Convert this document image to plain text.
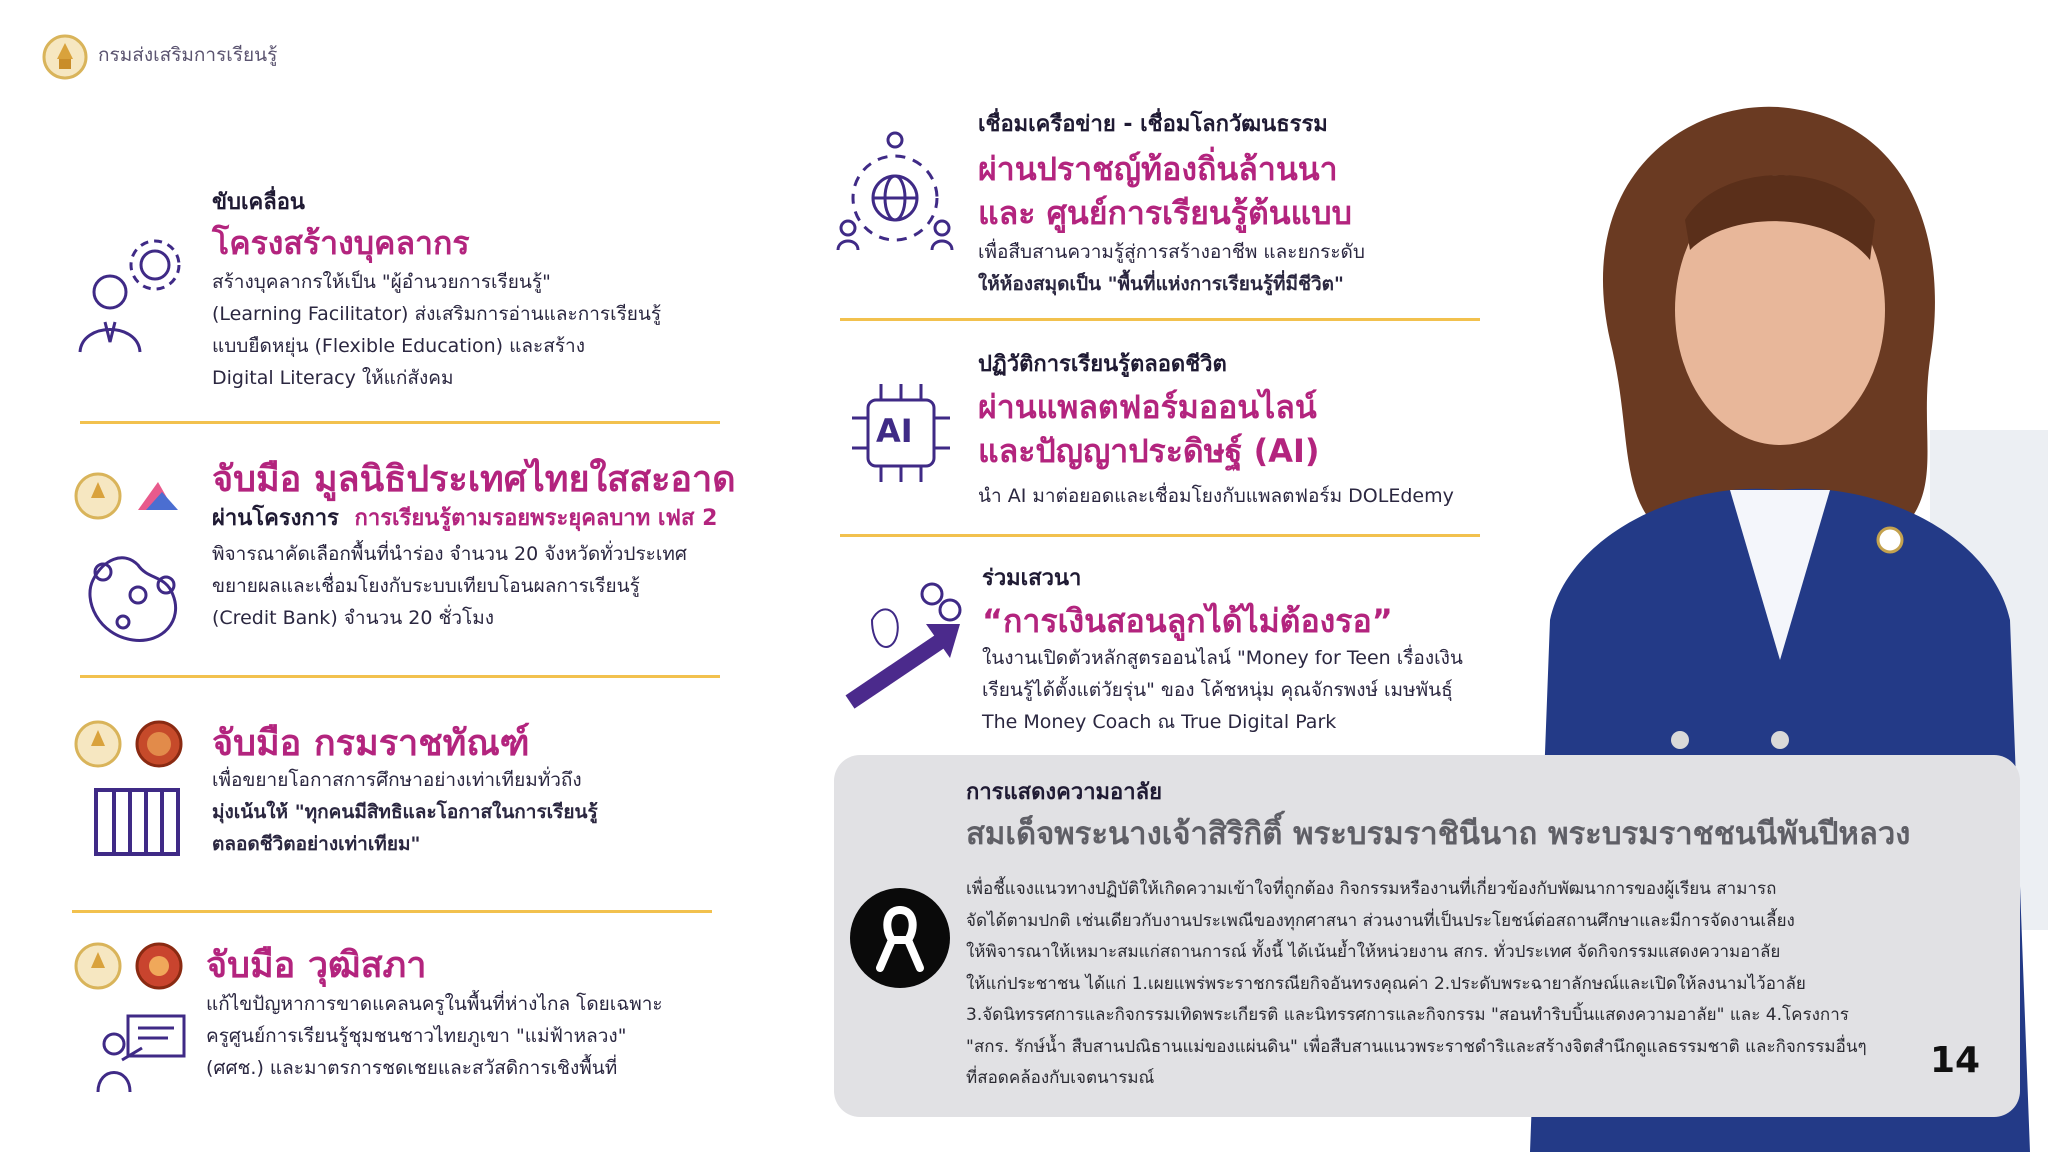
กรมส่งเสริมการเรียนรู้
ขับเคลื่อน
โครงสร้างบุคลากร
สร้างบุคลากรให้เป็น "ผู้อำนวยการเรียนรู้"
(Learning Facilitator) ส่งเสริมการอ่านและการเรียนรู้
แบบยืดหยุ่น (Flexible Education) และสร้าง
Digital Literacy ให้แก่สังคม
จับมือ มูลนิธิประเทศไทยใสสะอาด
ผ่านโครงการ การเรียนรู้ตามรอยพระยุคลบาท เฟส 2
พิจารณาคัดเลือกพื้นที่นำร่อง จำนวน 20 จังหวัดทั่วประเทศ
ขยายผลและเชื่อมโยงกับระบบเทียบโอนผลการเรียนรู้
(Credit Bank) จำนวน 20 ชั่วโมง
จับมือ กรมราชทัณฑ์
เพื่อขยายโอกาสการศึกษาอย่างเท่าเทียมทั่วถึง
มุ่งเน้นให้ "ทุกคนมีสิทธิและโอกาสในการเรียนรู้
ตลอดชีวิตอย่างเท่าเทียม"
จับมือ วุฒิสภา
แก้ไขปัญหาการขาดแคลนครูในพื้นที่ห่างไกล โดยเฉพาะ
ครูศูนย์การเรียนรู้ชุมชนชาวไทยภูเขา "แม่ฟ้าหลวง"
(ศศช.) และมาตรการชดเชยและสวัสดิการเชิงพื้นที่
เชื่อมเครือข่าย - เชื่อมโลกวัฒนธรรม
ผ่านปราชญ์ท้องถิ่นล้านนา
และ ศูนย์การเรียนรู้ต้นแบบ
เพื่อสืบสานความรู้สู่การสร้างอาชีพ และยกระดับ
ให้ห้องสมุดเป็น "พื้นที่แห่งการเรียนรู้ที่มีชีวิต"
AI
ปฏิวัติการเรียนรู้ตลอดชีวิต
ผ่านแพลตฟอร์มออนไลน์
และปัญญาประดิษฐ์ (AI)
นำ AI มาต่อยอดและเชื่อมโยงกับแพลตฟอร์ม DOLEdemy
ร่วมเสวนา
“การเงินสอนลูกได้ไม่ต้องรอ”
ในงานเปิดตัวหลักสูตรออนไลน์ "Money for Teen เรื่องเงิน
เรียนรู้ได้ตั้งแต่วัยรุ่น" ของ โค้ชหนุ่ม คุณจักรพงษ์ เมษพันธุ์
The Money Coach ณ True Digital Park
การแสดงความอาลัย
สมเด็จพระนางเจ้าสิริกิติ์ พระบรมราชินีนาถ พระบรมราชชนนีพันปีหลวง
เพื่อชี้แจงแนวทางปฏิบัติให้เกิดความเข้าใจที่ถูกต้อง กิจกรรมหรืองานที่เกี่ยวข้องกับพัฒนาการของผู้เรียน สามารถ
จัดได้ตามปกติ เช่นเดียวกับงานประเพณีของทุกศาสนา ส่วนงานที่เป็นประโยชน์ต่อสถานศึกษาและมีการจัดงานเลี้ยง
ให้พิจารณาให้เหมาะสมแก่สถานการณ์ ทั้งนี้ ได้เน้นย้ำให้หน่วยงาน สกร. ทั่วประเทศ จัดกิจกรรมแสดงความอาลัย
ให้แก่ประชาชน ได้แก่ 1.เผยแพร่พระราชกรณียกิจอันทรงคุณค่า 2.ประดับพระฉายาลักษณ์และเปิดให้ลงนามไว้อาลัย
3.จัดนิทรรศการและกิจกรรมเทิดพระเกียรติ และนิทรรศการและกิจกรรม "สอนทำริบบิ้นแสดงความอาลัย" และ 4.โครงการ
"สกร. รักษ์น้ำ สืบสานปณิธานแม่ของแผ่นดิน" เพื่อสืบสานแนวพระราชดำริและสร้างจิตสำนึกดูแลธรรมชาติ และกิจกรรมอื่นๆ
ที่สอดคล้องกับเจตนารมณ์	14
